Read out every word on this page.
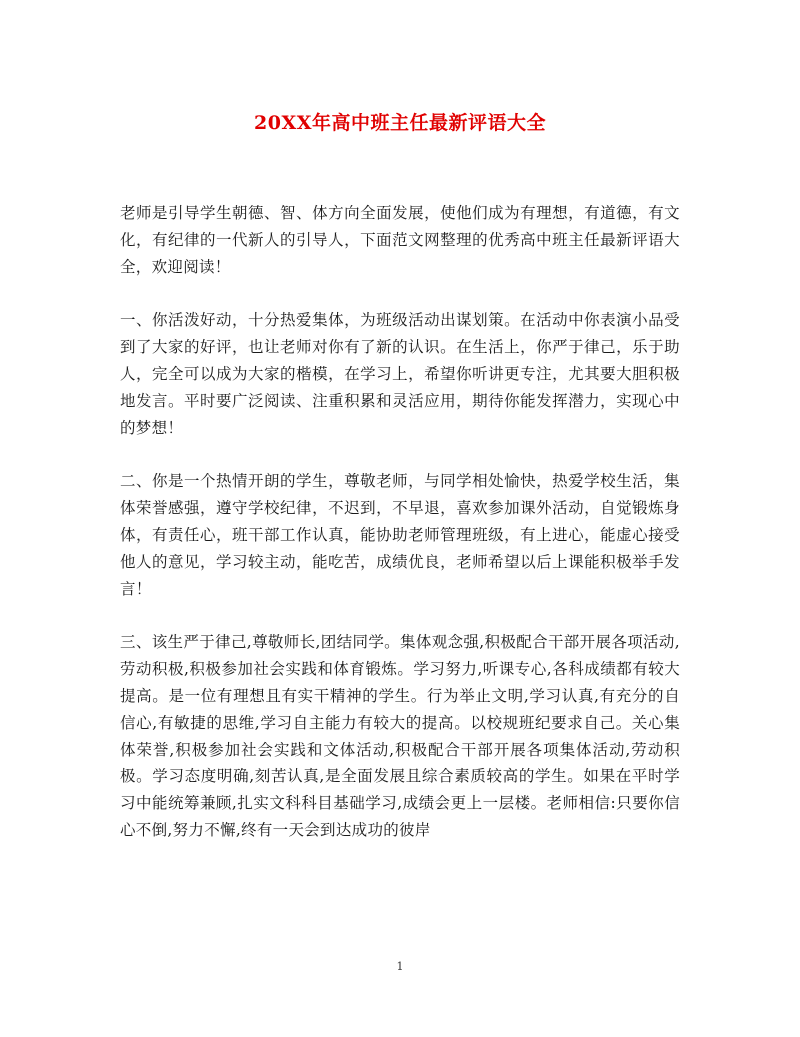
20XX年高中班主任最新评语大全

老师是引导学生朝德、智、体方向全面发展，使他们成为有理想，有道德，有文化，有纪律的一代新人的引导人，下面范文网整理的优秀高中班主任最新评语大全，欢迎阅读！

一、你活泼好动，十分热爱集体，为班级活动出谋划策。在活动中你表演小品受到了大家的好评，也让老师对你有了新的认识。在生活上，你严于律己，乐于助人，完全可以成为大家的楷模，在学习上，希望你听讲更专注，尤其要大胆积极地发言。平时要广泛阅读、注重积累和灵活应用，期待你能发挥潜力，实现心中的梦想！

二、你是一个热情开朗的学生，尊敬老师，与同学相处愉快，热爱学校生活，集体荣誉感强，遵守学校纪律，不迟到，不早退，喜欢参加课外活动，自觉锻炼身体，有责任心，班干部工作认真，能协助老师管理班级，有上进心，能虚心接受他人的意见，学习较主动，能吃苦，成绩优良，老师希望以后上课能积极举手发言！

三、该生严于律己,尊敬师长,团结同学。集体观念强,积极配合干部开展各项活动,劳动积极,积极参加社会实践和体育锻炼。学习努力,听课专心,各科成绩都有较大提高。是一位有理想且有实干精神的学生。行为举止文明,学习认真,有充分的自信心,有敏捷的思维,学习自主能力有较大的提高。以校规班纪要求自己。关心集体荣誉,积极参加社会实践和文体活动,积极配合干部开展各项集体活动,劳动积极。学习态度明确,刻苦认真,是全面发展且综合素质较高的学生。如果在平时学习中能统筹兼顾,扎实文科科目基础学习,成绩会更上一层楼。老师相信:只要你信心不倒,努力不懈,终有一天会到达成功的彼岸

1
